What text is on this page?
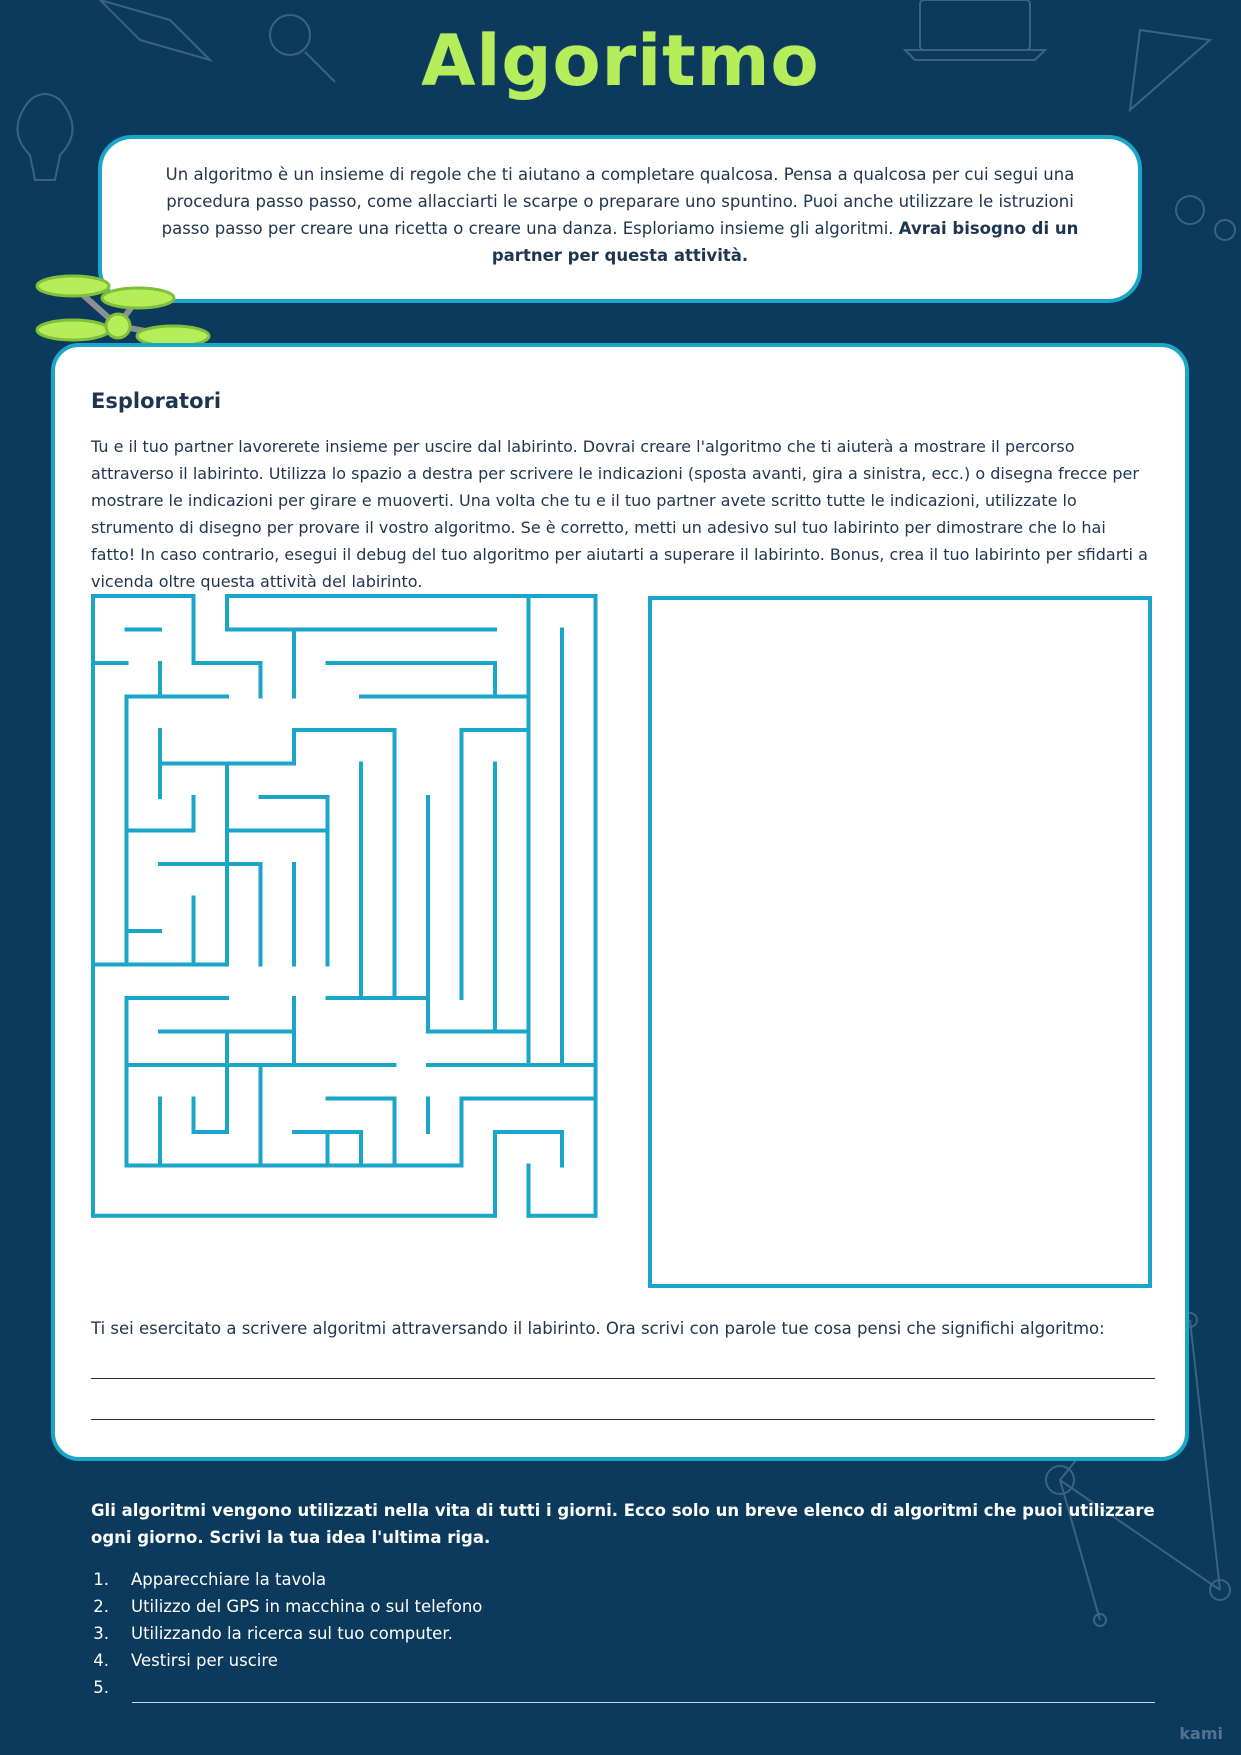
Algoritmo

Un algoritmo è un insieme di regole che ti aiutano a completare qualcosa. Pensa a qualcosa per cui segui una procedura passo passo, come allacciarti le scarpe o preparare uno spuntino. Puoi anche utilizzare le istruzioni passo passo per creare una ricetta o creare una danza. Esploriamo insieme gli algoritmi. Avrai bisogno di un partner per questa attività.

Esploratori

Tu e il tuo partner lavorerete insieme per uscire dal labirinto. Dovrai creare l'algoritmo che ti aiuterà a mostrare il percorso attraverso il labirinto. Utilizza lo spazio a destra per scrivere le indicazioni (sposta avanti, gira a sinistra, ecc.) o disegna frecce per mostrare le indicazioni per girare e muoverti. Una volta che tu e il tuo partner avete scritto tutte le indicazioni, utilizzate lo strumento di disegno per provare il vostro algoritmo. Se è corretto, metti un adesivo sul tuo labirinto per dimostrare che lo hai fatto! In caso contrario, esegui il debug del tuo algoritmo per aiutarti a superare il labirinto. Bonus, crea il tuo labirinto per sfidarti a vicenda oltre questa attività del labirinto.

Ti sei esercitato a scrivere algoritmi attraversando il labirinto. Ora scrivi con parole tue cosa pensi che significhi algoritmo:

Gli algoritmi vengono utilizzati nella vita di tutti i giorni. Ecco solo un breve elenco di algoritmi che puoi utilizzare ogni giorno. Scrivi la tua idea l'ultima riga.

1. Apparecchiare la tavola
2. Utilizzo del GPS in macchina o sul telefono
3. Utilizzando la ricerca sul tuo computer.
4. Vestirsi per uscire
5.
kami
